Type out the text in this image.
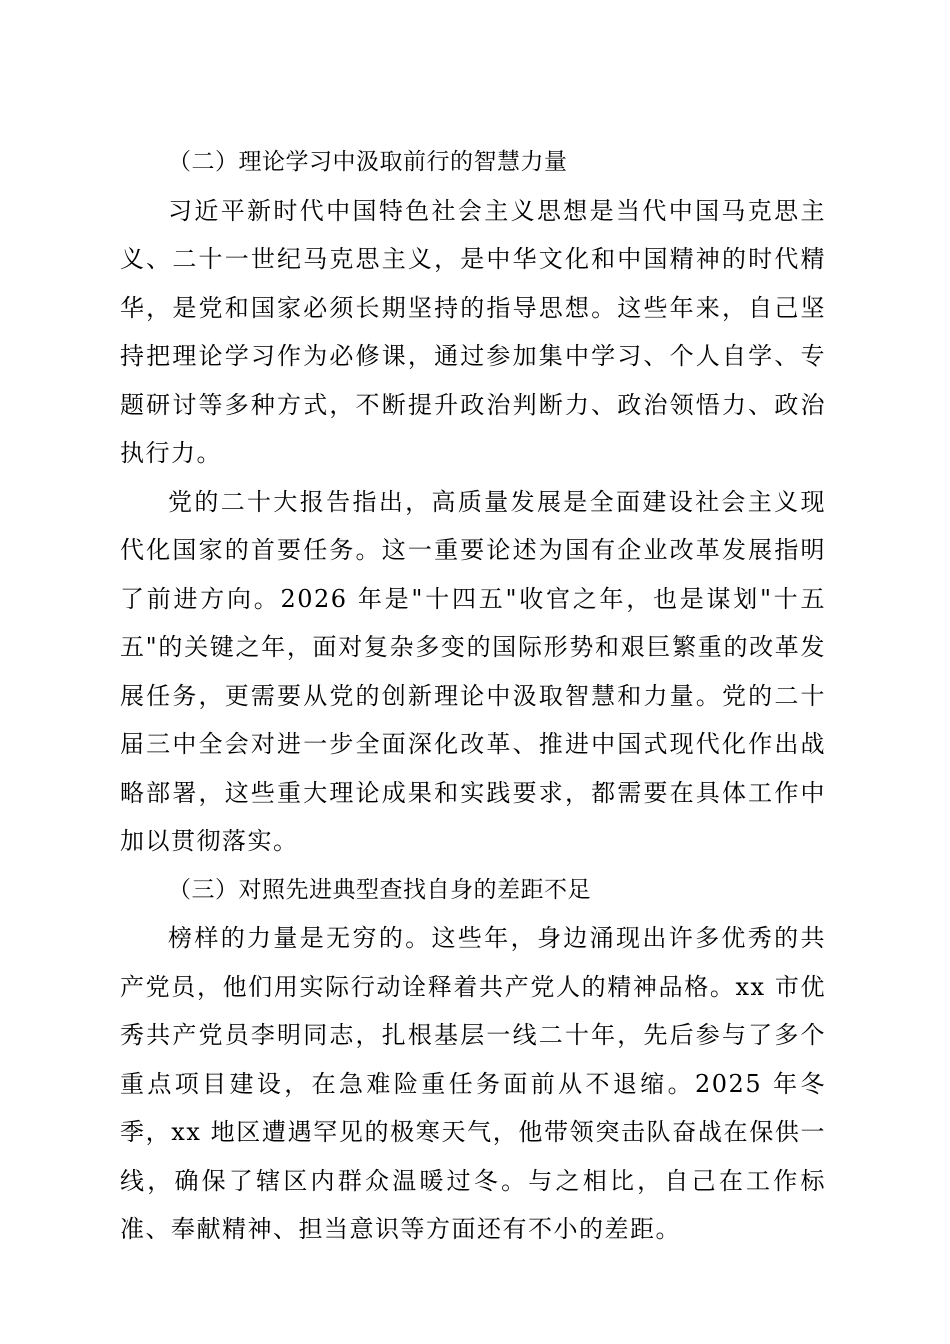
（二）理论学习中汲取前行的智慧力量

习近平新时代中国特色社会主义思想是当代中国马克思主义、二十一世纪马克思主义，是中华文化和中国精神的时代精华，是党和国家必须长期坚持的指导思想。这些年来，自己坚持把理论学习作为必修课，通过参加集中学习、个人自学、专题研讨等多种方式，不断提升政治判断力、政治领悟力、政治执行力。

党的二十大报告指出，高质量发展是全面建设社会主义现代化国家的首要任务。这一重要论述为国有企业改革发展指明了前进方向。2026 年是"十四五"收官之年，也是谋划"十五五"的关键之年，面对复杂多变的国际形势和艰巨繁重的改革发展任务，更需要从党的创新理论中汲取智慧和力量。党的二十届三中全会对进一步全面深化改革、推进中国式现代化作出战略部署，这些重大理论成果和实践要求，都需要在具体工作中加以贯彻落实。

（三）对照先进典型查找自身的差距不足

榜样的力量是无穷的。这些年，身边涌现出许多优秀的共产党员，他们用实际行动诠释着共产党人的精神品格。xx 市优秀共产党员李明同志，扎根基层一线二十年，先后参与了多个重点项目建设，在急难险重任务面前从不退缩。2025 年冬季，xx 地区遭遇罕见的极寒天气，他带领突击队奋战在保供一线，确保了辖区内群众温暖过冬。与之相比，自己在工作标准、奉献精神、担当意识等方面还有不小的差距。
